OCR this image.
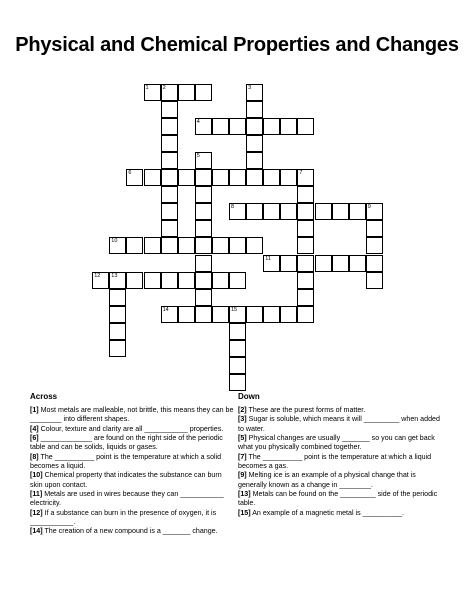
Physical and Chemical Properties and Changes
1	2
4
6
8	9
10
11
12 13
14	15
3
5
7
Across
[1] Most metals are malleable, not brittle, this means they can be ________ into different shapes.
[4] Colour, texture and clarity are all ___________ properties.
[6] _____________ are found on the right side of the periodic table and can be solids, liquids or gases.
[8] The __________ point is the temperature at which a solid becomes a liquid.
[10] Chemical property that indicates the substance can burn skin upon contact.
[11] Metals are used in wires because they can ___________ electricity.
[12] If a substance can burn in the presence of oxygen, it is ___________.
[14] The creation of a new compound is a _______ change.
Down
[2] These are the purest forms of matter.
[3] Sugar is soluble, which means it will _________ when added to water.
[5] Physical changes are usually _______ so you can get back what you physically combined together.
[7] The __________ point is the temperature at which a liquid becomes a gas.
[9] Melting ice is an example of a physical change that is generally known as a change in ________.
[13] Metals can be found on the _________ side of the periodic table.
[15] An example of a magnetic metal is __________.
